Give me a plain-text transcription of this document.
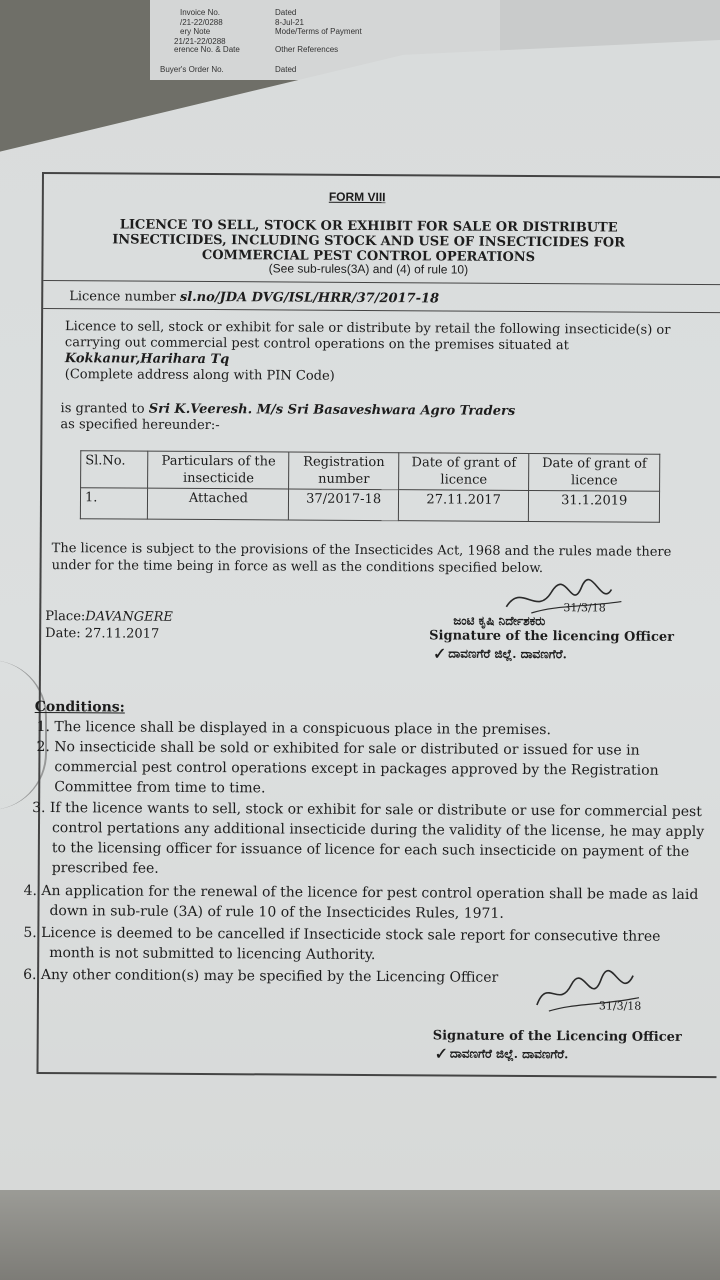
Invoice No.	Dated
/21-22/0288	8-Jul-21
ery Note	Mode/Terms of Payment
21/21-22/0288
erence No. & Date	Other References
Buyer's Order No.	Dated
FORM VIII
LICENCE TO SELL, STOCK OR EXHIBIT FOR SALE OR DISTRIBUTE
INSECTICIDES, INCLUDING STOCK AND USE OF INSECTICIDES FOR
COMMERCIAL PEST CONTROL OPERATIONS
(See sub-rules(3A) and (4) of rule 10)
Licence number sl.no/JDA DVG/ISL/HRR/37/2017-18
Licence to sell, stock or exhibit for sale or distribute by retail the following insecticide(s) or
carrying out commercial pest control operations on the premises situated at
Kokkanur,Harihara Tq
(Complete address along with PIN Code)
is granted to Sri K.Veeresh. M/s Sri Basaveshwara Agro Traders
as specified hereunder:-
Sl.No.	Particulars of the insecticide	Registration number	Date of grant of licence	Date of grant of licence
1.	Attached	37/2017-18	27.11.2017	31.1.2019
The licence is subject to the provisions of the Insecticides Act, 1968 and the rules made there
under for the time being in force as well as the conditions specified below.
Place:DAVANGERE
Date: 27.11.2017
31/3/18
ಜಂಟಿ ಕೃಷಿ ನಿರ್ದೇಶಕರು
Signature of the licencing Officer
✓ ದಾವಣಗೆರೆ ಜಿಲ್ಲೆ. ದಾವಣಗೆರೆ.
Conditions:
1. The licence shall be displayed in a conspicuous place in the premises.
2. No insecticide shall be sold or exhibited for sale or distributed or issued for use in
commercial pest control operations except in packages approved by the Registration
Committee from time to time.
3. If the licence wants to sell, stock or exhibit for sale or distribute or use for commercial pest
control pertations any additional insecticide during the validity of the license, he may apply
to the licensing officer for issuance of licence for each such insecticide on payment of the
prescribed fee.
4. An application for the renewal of the licence for pest control operation shall be made as laid
down in sub-rule (3A) of rule 10 of the Insecticides Rules, 1971.
5. Licence is deemed to be cancelled if Insecticide stock sale report for consecutive three
month is not submitted to licencing Authority.
6. Any other condition(s) may be specified by the Licencing Officer
31/3/18
Signature of the Licencing Officer
✓ ದಾವಣಗೆರೆ ಜಿಲ್ಲೆ. ದಾವಣಗೆರೆ.
